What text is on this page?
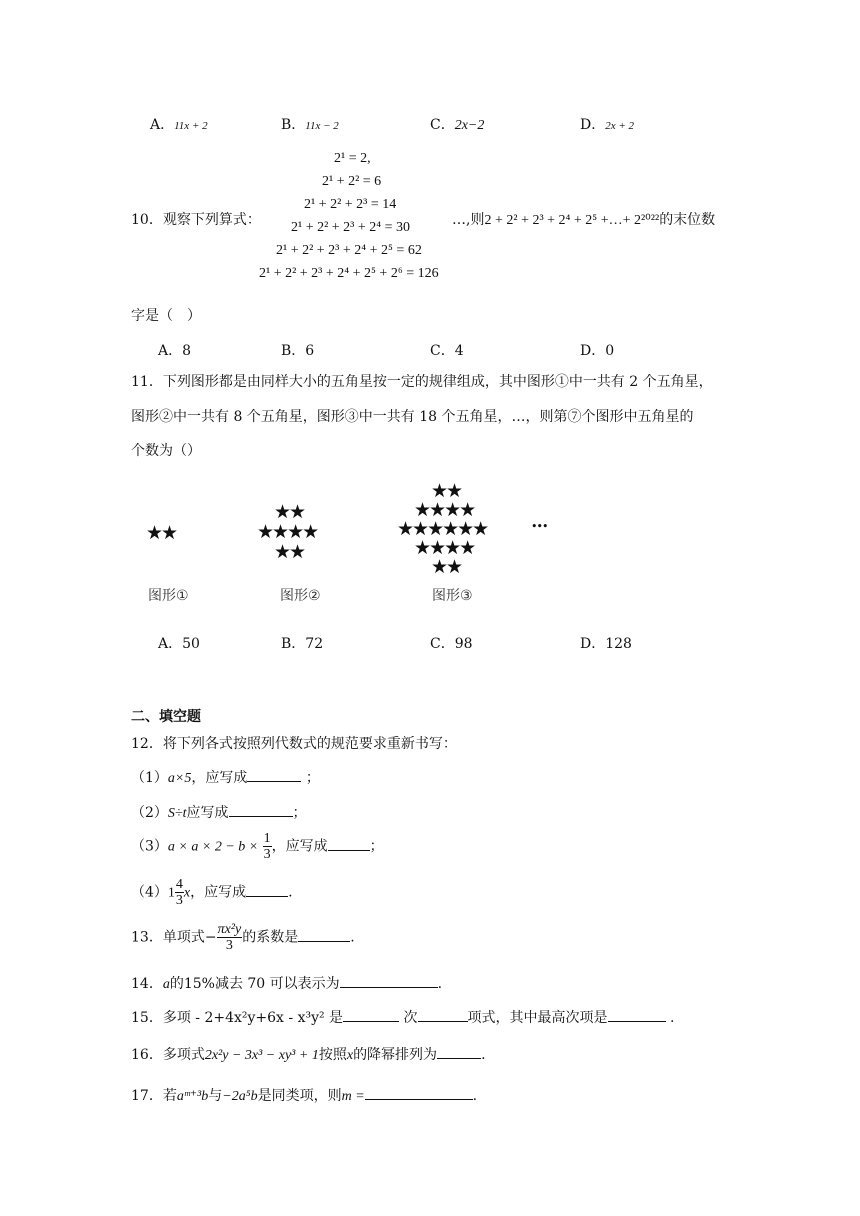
A．11x + 2	B．11x − 2	C．2x−2	D．2x + 2
10．观察下列算式：
2¹ = 2,
2¹ + 2² = 6
2¹ + 2² + 2³ = 14
2¹ + 2² + 2³ + 2⁴ = 30
2¹ + 2² + 2³ + 2⁴ + 2⁵ = 62
2¹ + 2² + 2³ + 2⁴ + 2⁵ + 2⁶ = 126
…,则2 + 2² + 2³ + 2⁴ + 2⁵ +…+ 2²⁰²²的末位数
字是（　）
A．8	B．6	C．4	D．0
11．下列图形都是由同样大小的五角星按一定的规律组成，其中图形①中一共有 2 个五角星，
图形②中一共有 8 个五角星，图形③中一共有 18 个五角星，…，则第⑦个图形中五角星的
个数为（）
★★
★★
★★★★
★★
★★
★★★★
★★★★★★
★★★★
★★
•••
图形①	图形②	图形③
A．50	B．72	C．98	D．128
二、填空题
12．将下列各式按照列代数式的规范要求重新书写：
（1）a×5，应写成	；
（2）S÷t应写成	；
$(3)a \times a \times 2 - b \times \frac{1}{3}$ ，应写成	；
$(4)1 \frac{4}{3}$ x，应写成	.
13．单项式− $\frac{\text{πx²y}}{3}$ 的系数是	.
14．a的15%减去 70 可以表示为	.
15．多项 - 2+4x²y+6x - x³y² 是	次	项式，其中最高次项是	.
16．多项式2x²y − 3x³ − xy³ + 1按照x的降幂排列为	.
17．若aᵐ⁺³b与−2a⁵b是同类项，则m =	.
